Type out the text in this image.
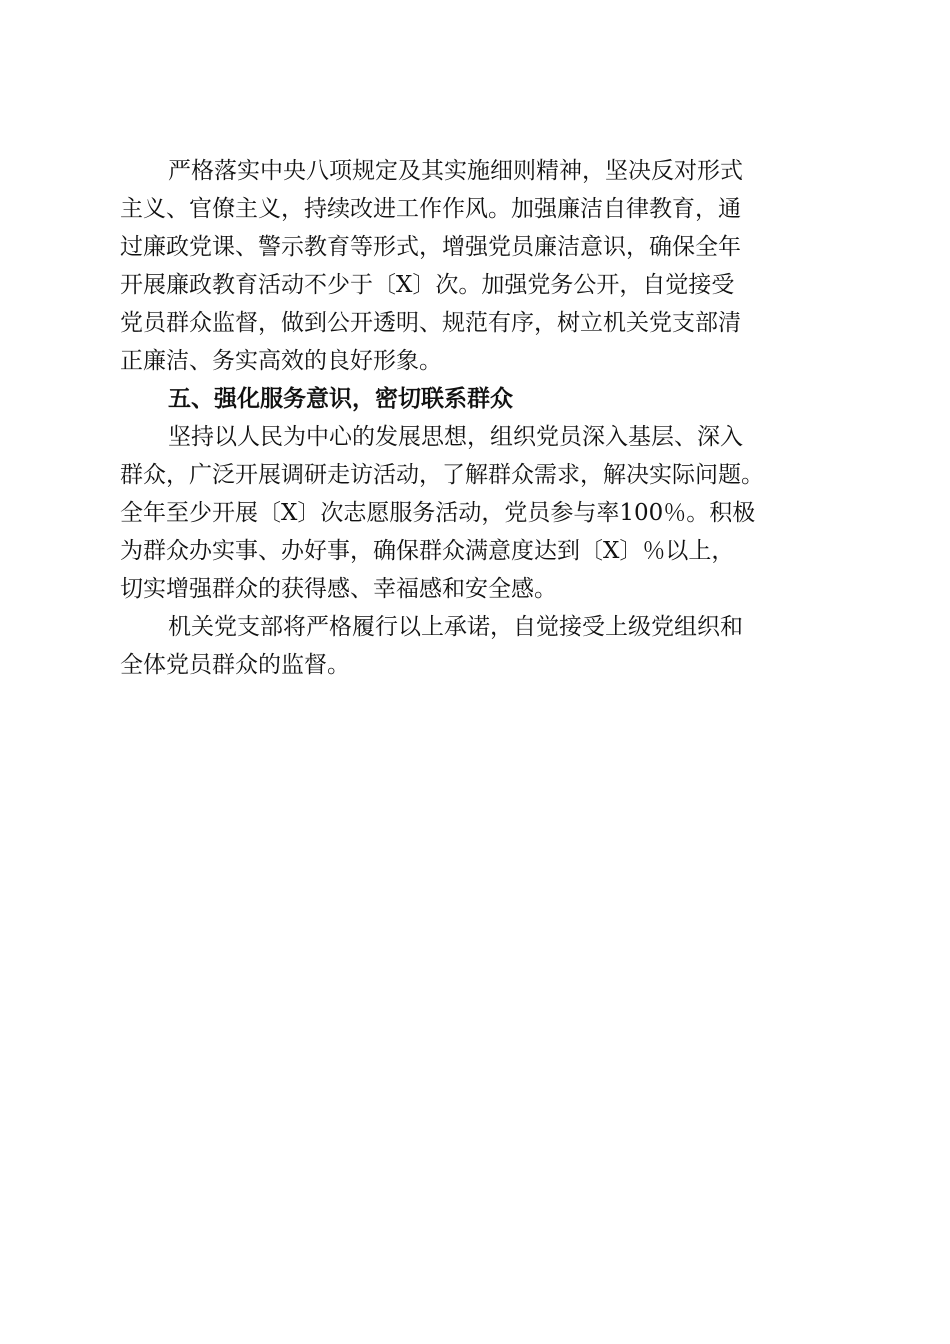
严格落实中央八项规定及其实施细则精神，坚决反对形式
主义、官僚主义，持续改进工作作风。加强廉洁自律教育，通
过廉政党课、警示教育等形式，增强党员廉洁意识，确保全年
开展廉政教育活动不少于〔X〕次。加强党务公开，自觉接受
党员群众监督，做到公开透明、规范有序，树立机关党支部清
正廉洁、务实高效的良好形象。
五、强化服务意识，密切联系群众
坚持以人民为中心的发展思想，组织党员深入基层、深入
群众，广泛开展调研走访活动，了解群众需求，解决实际问题。
全年至少开展〔X〕次志愿服务活动，党员参与率100％。积极
为群众办实事、办好事，确保群众满意度达到〔X〕％以上，
切实增强群众的获得感、幸福感和安全感。
机关党支部将严格履行以上承诺，自觉接受上级党组织和
全体党员群众的监督。
